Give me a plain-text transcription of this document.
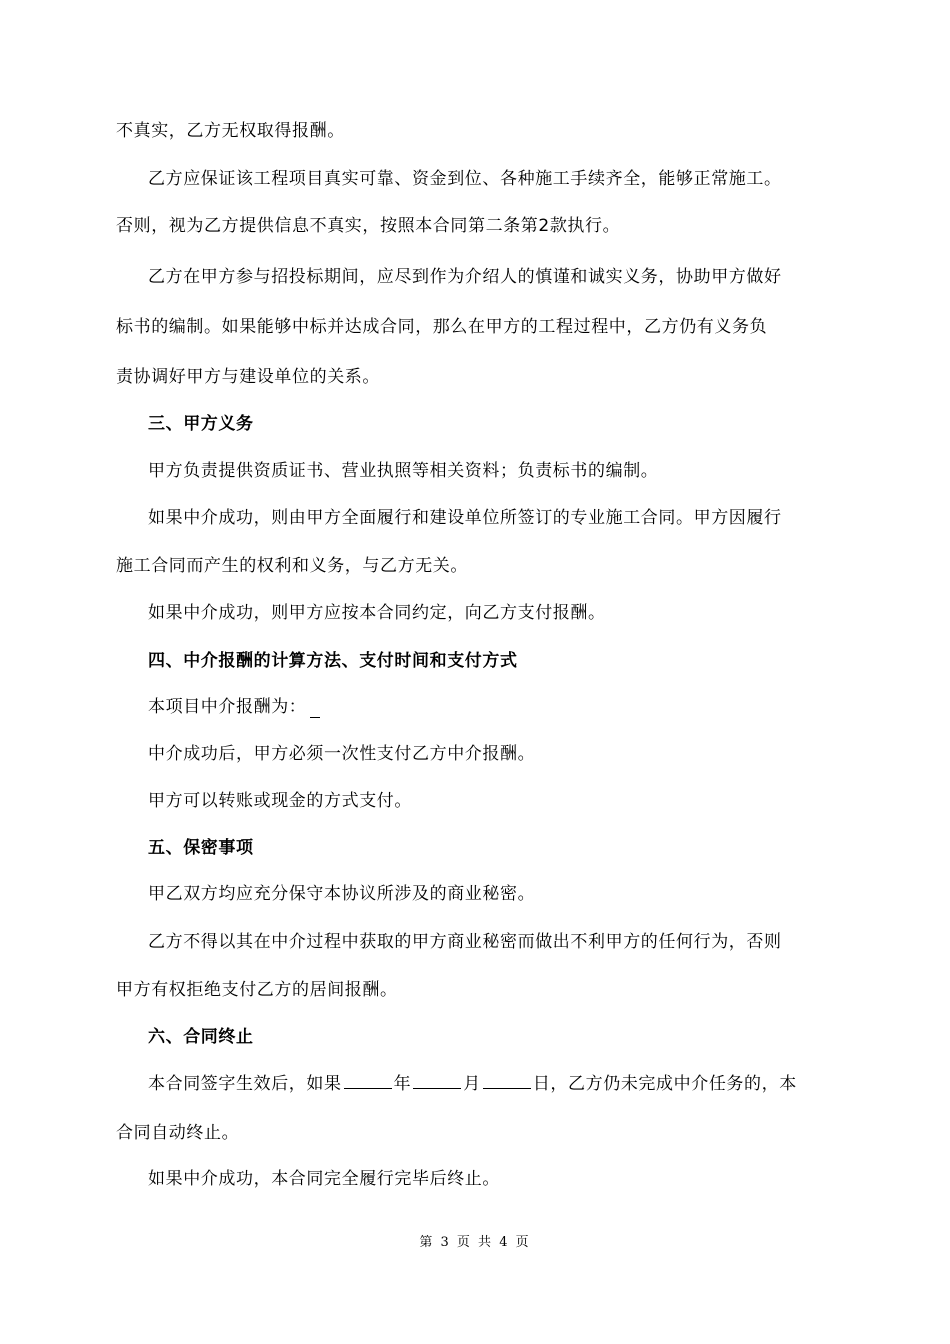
不真实，乙方无权取得报酬。
乙方应保证该工程项目真实可靠、资金到位、各种施工手续齐全，能够正常施工。
否则，视为乙方提供信息不真实，按照本合同第二条第2款执行。
乙方在甲方参与招投标期间，应尽到作为介绍人的慎谨和诚实义务，协助甲方做好
标书的编制。如果能够中标并达成合同，那么在甲方的工程过程中，乙方仍有义务负
责协调好甲方与建设单位的关系。
三、甲方义务
甲方负责提供资质证书、营业执照等相关资料；负责标书的编制。
如果中介成功，则由甲方全面履行和建设单位所签订的专业施工合同。甲方因履行
施工合同而产生的权利和义务，与乙方无关。
如果中介成功，则甲方应按本合同约定，向乙方支付报酬。
四、中介报酬的计算方法、支付时间和支付方式
本项目中介报酬为：
中介成功后，甲方必须一次性支付乙方中介报酬。
甲方可以转账或现金的方式支付。
五、保密事项
甲乙双方均应充分保守本协议所涉及的商业秘密。
乙方不得以其在中介过程中获取的甲方商业秘密而做出不利甲方的任何行为，否则
甲方有权拒绝支付乙方的居间报酬。
六、合同终止
本合同签字生效后，如果	年	月	日，乙方仍未完成中介任务的，本
合同自动终止。
如果中介成功，本合同完全履行完毕后终止。
第 3 页 共 4 页
